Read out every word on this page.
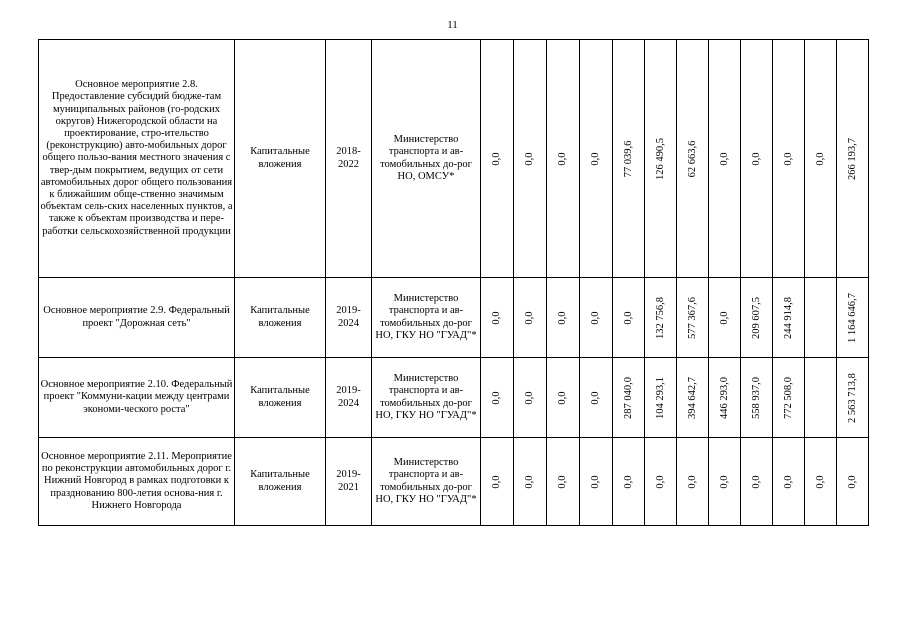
11
Основное мероприятие 2.8. Предоставление субсидий бюдже-там муниципальных районов (го-родских округов) Нижегородской области на проектирование, стро-ительство (реконструкцию) авто-мобильных дорог общего пользо-вания местного значения с твер-дым покрытием, ведущих от сети автомобильных дорог общего пользования к ближайшим обще-ственно значимым объектам сель-ских населенных пунктов, а также к объектам производства и пере-работки сельскохозяйственной продукции	Капитальные вложения	2018-2022	Министерство транспорта и ав-томобильных до-рог НО, ОМСУ*	0,0	0,0	0,0	0,0	77 039,6	126 490,5	62 663,6	0,0	0,0	0,0	0,0	266 193,7

Основное мероприятие 2.9. Федеральный проект "Дорожная сеть"	Капитальные вложения	2019-2024	Министерство транспорта и ав-томобильных до-рог НО, ГКУ НО "ГУАД"*	0,0	0,0	0,0	0,0	0,0	132 756,8	577 367,6	0,0	209 607,5	244 914,8		1 164 646,7

Основное мероприятие 2.10. Федеральный проект "Коммуни-кации между центрами экономи-ческого роста"	Капитальные вложения	2019-2024	Министерство транспорта и ав-томобильных до-рог НО, ГКУ НО "ГУАД"*	0,0	0,0	0,0	0,0	287 040,0	104 293,1	394 642,7	446 293,0	558 937,0	772 508,0		2 563 713,8

Основное мероприятие 2.11. Мероприятие по реконструкции автомобильных дорог г. Нижний Новгород в рамках подготовки к празднованию 800-летия основа-ния г. Нижнего Новгорода	Капитальные вложения	2019-2021	Министерство транспорта и ав-томобильных до-рог НО, ГКУ НО "ГУАД"*	0,0	0,0	0,0	0,0	0,0	0,0	0,0	0,0	0,0	0,0	0,0	0,0
